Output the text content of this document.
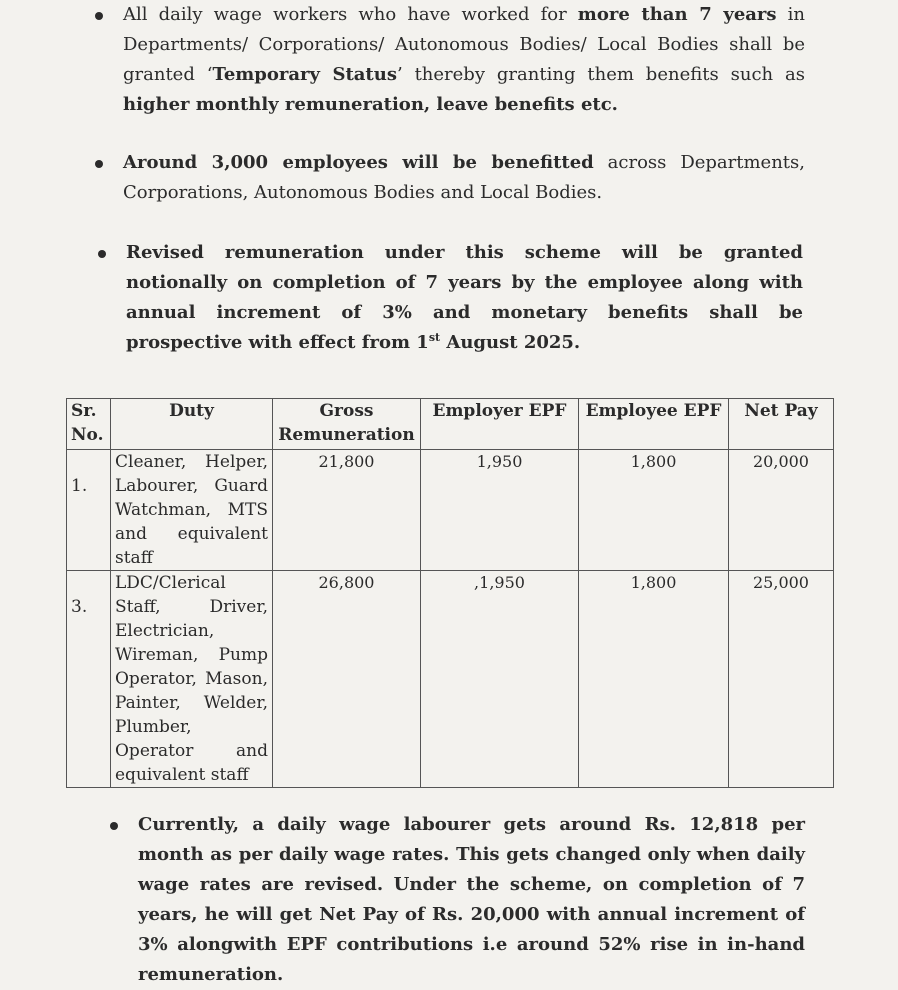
All daily wage workers who have worked for more than 7 years in Departments/ Corporations/ Autonomous Bodies/ Local Bodies shall be granted ‘Temporary Status’ thereby granting them benefits such as higher monthly remuneration, leave benefits etc.
Around 3,000 employees will be benefitted across Departments, Corporations, Autonomous Bodies and Local Bodies.
Revised remuneration under this scheme will be granted notionally on completion of 7 years by the employee along with annual increment of 3% and monetary benefits shall be prospective with effect from 1st August 2025.
Sr. No.	Duty	Gross Remuneration	Employer EPF	Employee EPF	Net Pay

1.	Cleaner, Helper, Labourer, Guard Watchman, MTS and equivalent staff	21,800	1,950	1,800	20,000

3.	LDC/Clerical Staff, Driver, Electrician, Wireman, Pump Operator, Mason, Painter, Welder, Plumber, Operator and equivalent staff	26,800	,1,950	1,800	25,000
Currently, a daily wage labourer gets around Rs. 12,818 per month as per daily wage rates. This gets changed only when daily wage rates are revised. Under the scheme, on completion of 7 years, he will get Net Pay of Rs. 20,000 with annual increment of 3% alongwith EPF contributions i.e around 52% rise in in-hand remuneration.
